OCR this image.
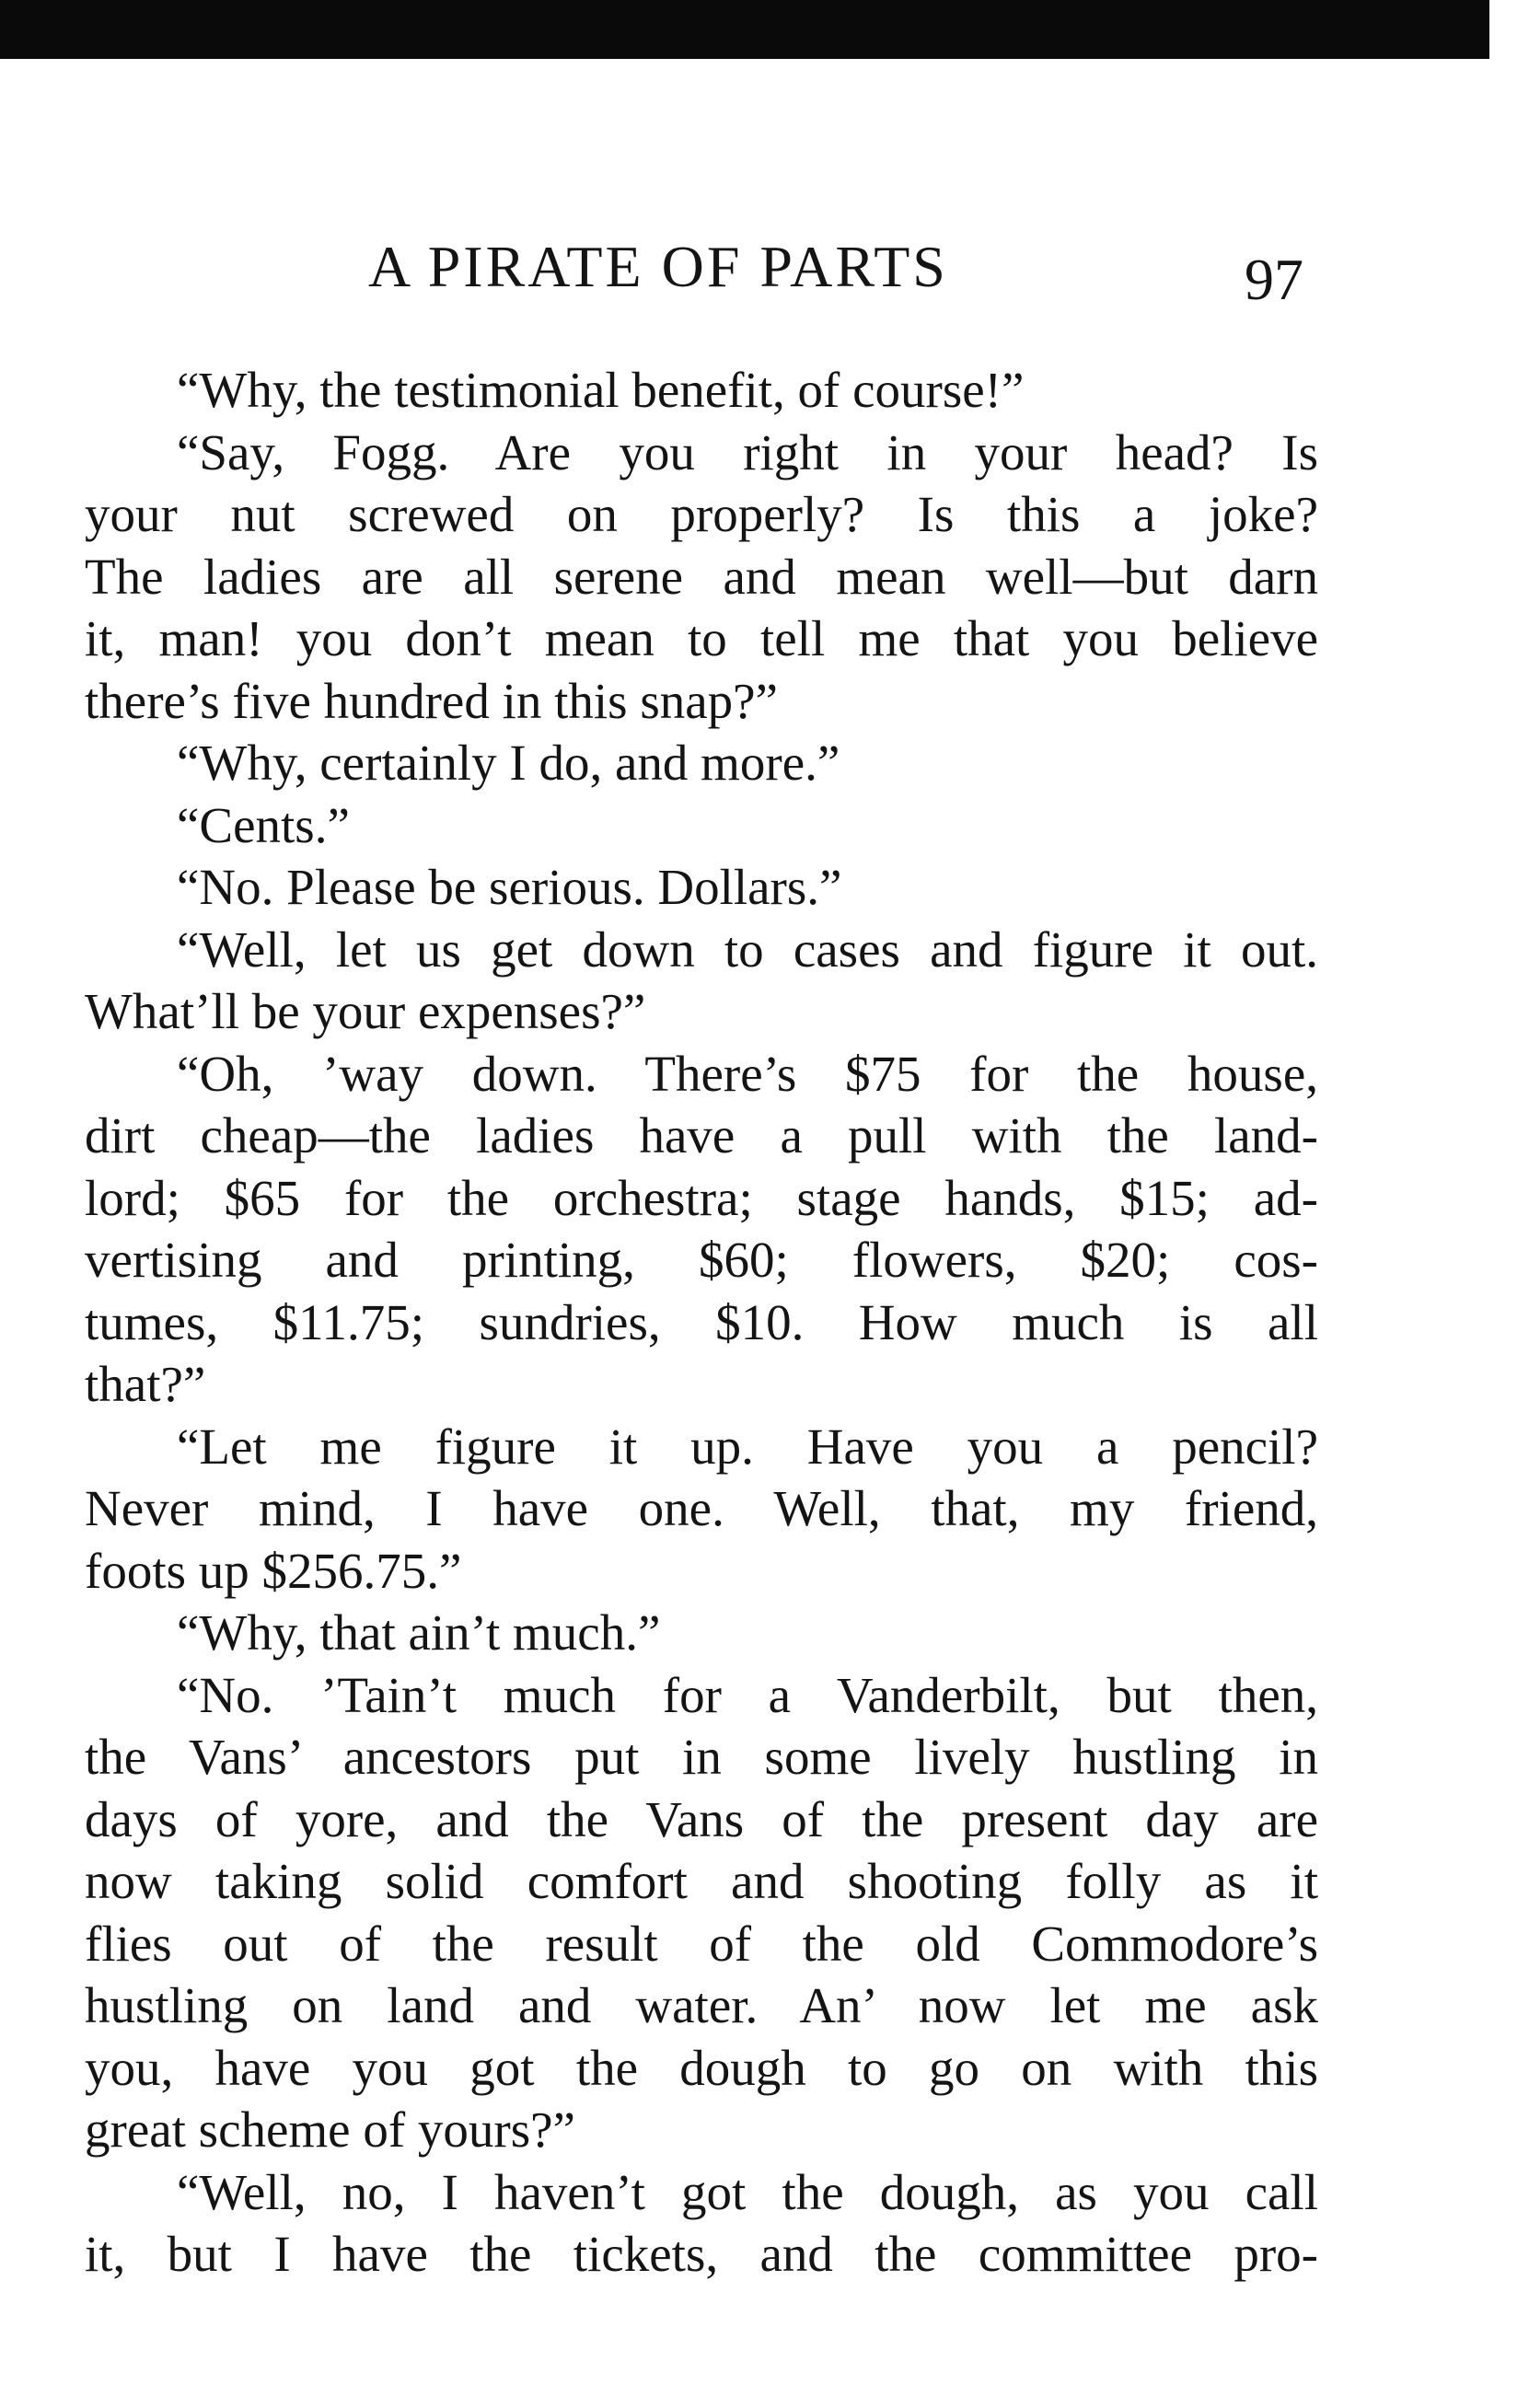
A PIRATE OF PARTS	97
“Why, the testimonial benefit, of course!”
“Say, Fogg. Are you right in your head? Is
your nut screwed on properly? Is this a joke?
The ladies are all serene and mean well—but darn
it, man! you don’t mean to tell me that you believe
there’s five hundred in this snap?”
“Why, certainly I do, and more.”
“Cents.”
“No. Please be serious. Dollars.”
“Well, let us get down to cases and figure it out.
What’ll be your expenses?”
“Oh, ’way down. There’s $75 for the house,
dirt cheap—the ladies have a pull with the land-
lord; $65 for the orchestra; stage hands, $15; ad-
vertising and printing, $60; flowers, $20; cos-
tumes, $11.75; sundries, $10. How much is all
that?”
“Let me figure it up. Have you a pencil?
Never mind, I have one. Well, that, my friend,
foots up $256.75.”
“Why, that ain’t much.”
“No. ’Tain’t much for a Vanderbilt, but then,
the Vans’ ancestors put in some lively hustling in
days of yore, and the Vans of the present day are
now taking solid comfort and shooting folly as it
flies out of the result of the old Commodore’s
hustling on land and water. An’ now let me ask
you, have you got the dough to go on with this
great scheme of yours?”
“Well, no, I haven’t got the dough, as you call
it, but I have the tickets, and the committee pro-
